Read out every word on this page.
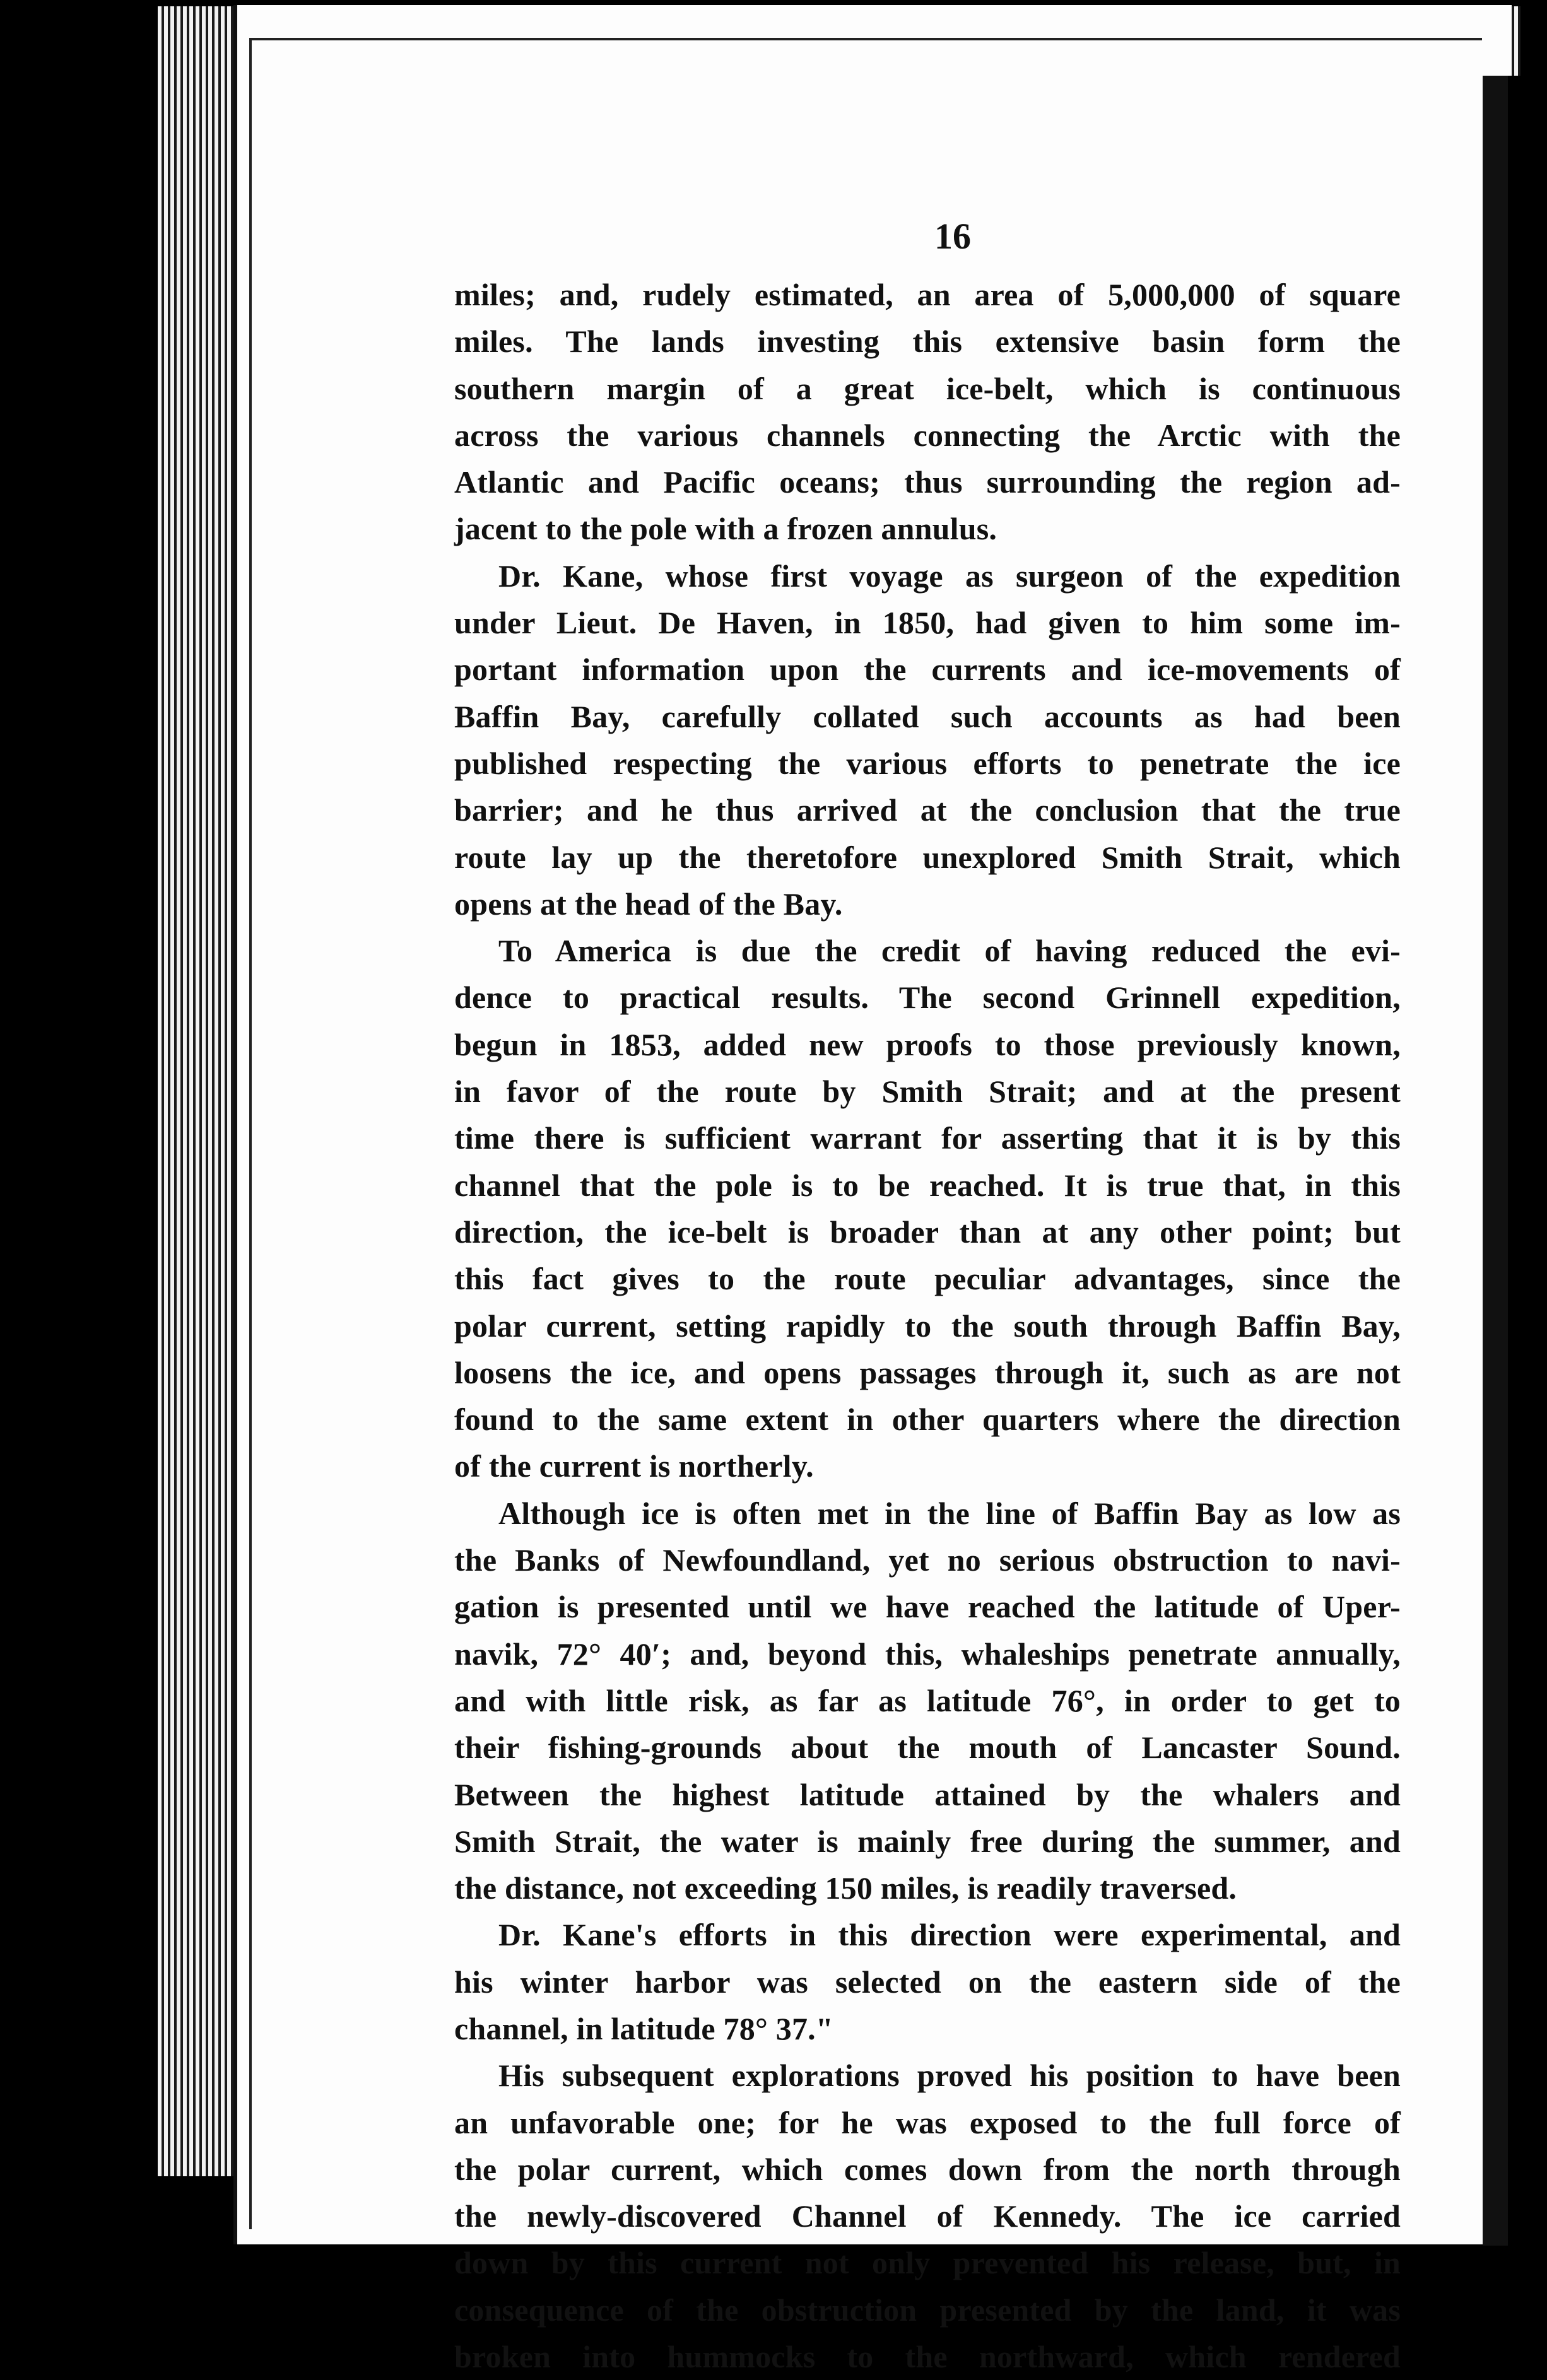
16
miles; and, rudely estimated, an area of 5,000,000 of square
miles. The lands investing this extensive basin form the
southern margin of a great ice-belt, which is continuous
across the various channels connecting the Arctic with the
Atlantic and Pacific oceans; thus surrounding the region ad-
jacent to the pole with a frozen annulus.
Dr. Kane, whose first voyage as surgeon of the expedition
under Lieut. De Haven, in 1850, had given to him some im-
portant information upon the currents and ice-movements of
Baffin Bay, carefully collated such accounts as had been
published respecting the various efforts to penetrate the ice
barrier; and he thus arrived at the conclusion that the true
route lay up the theretofore unexplored Smith Strait, which
opens at the head of the Bay.
To America is due the credit of having reduced the evi-
dence to practical results. The second Grinnell expedition,
begun in 1853, added new proofs to those previously known,
in favor of the route by Smith Strait; and at the present
time there is sufficient warrant for asserting that it is by this
channel that the pole is to be reached. It is true that, in this
direction, the ice-belt is broader than at any other point; but
this fact gives to the route peculiar advantages, since the
polar current, setting rapidly to the south through Baffin Bay,
loosens the ice, and opens passages through it, such as are not
found to the same extent in other quarters where the direction
of the current is northerly.
Although ice is often met in the line of Baffin Bay as low as
the Banks of Newfoundland, yet no serious obstruction to navi-
gation is presented until we have reached the latitude of Uper-
navik, 72° 40′; and, beyond this, whaleships penetrate annually,
and with little risk, as far as latitude 76°, in order to get to
their fishing-grounds about the mouth of Lancaster Sound.
Between the highest latitude attained by the whalers and
Smith Strait, the water is mainly free during the summer, and
the distance, not exceeding 150 miles, is readily traversed.
Dr. Kane's efforts in this direction were experimental, and
his winter harbor was selected on the eastern side of the
channel, in latitude 78° 37."
His subsequent explorations proved his position to have been
an unfavorable one; for he was exposed to the full force of
the polar current, which comes down from the north through
the newly-discovered Channel of Kennedy. The ice carried
down by this current not only prevented his release, but, in
consequence of the obstruction presented by the land, it was
broken into hummocks to the northward, which rendered
